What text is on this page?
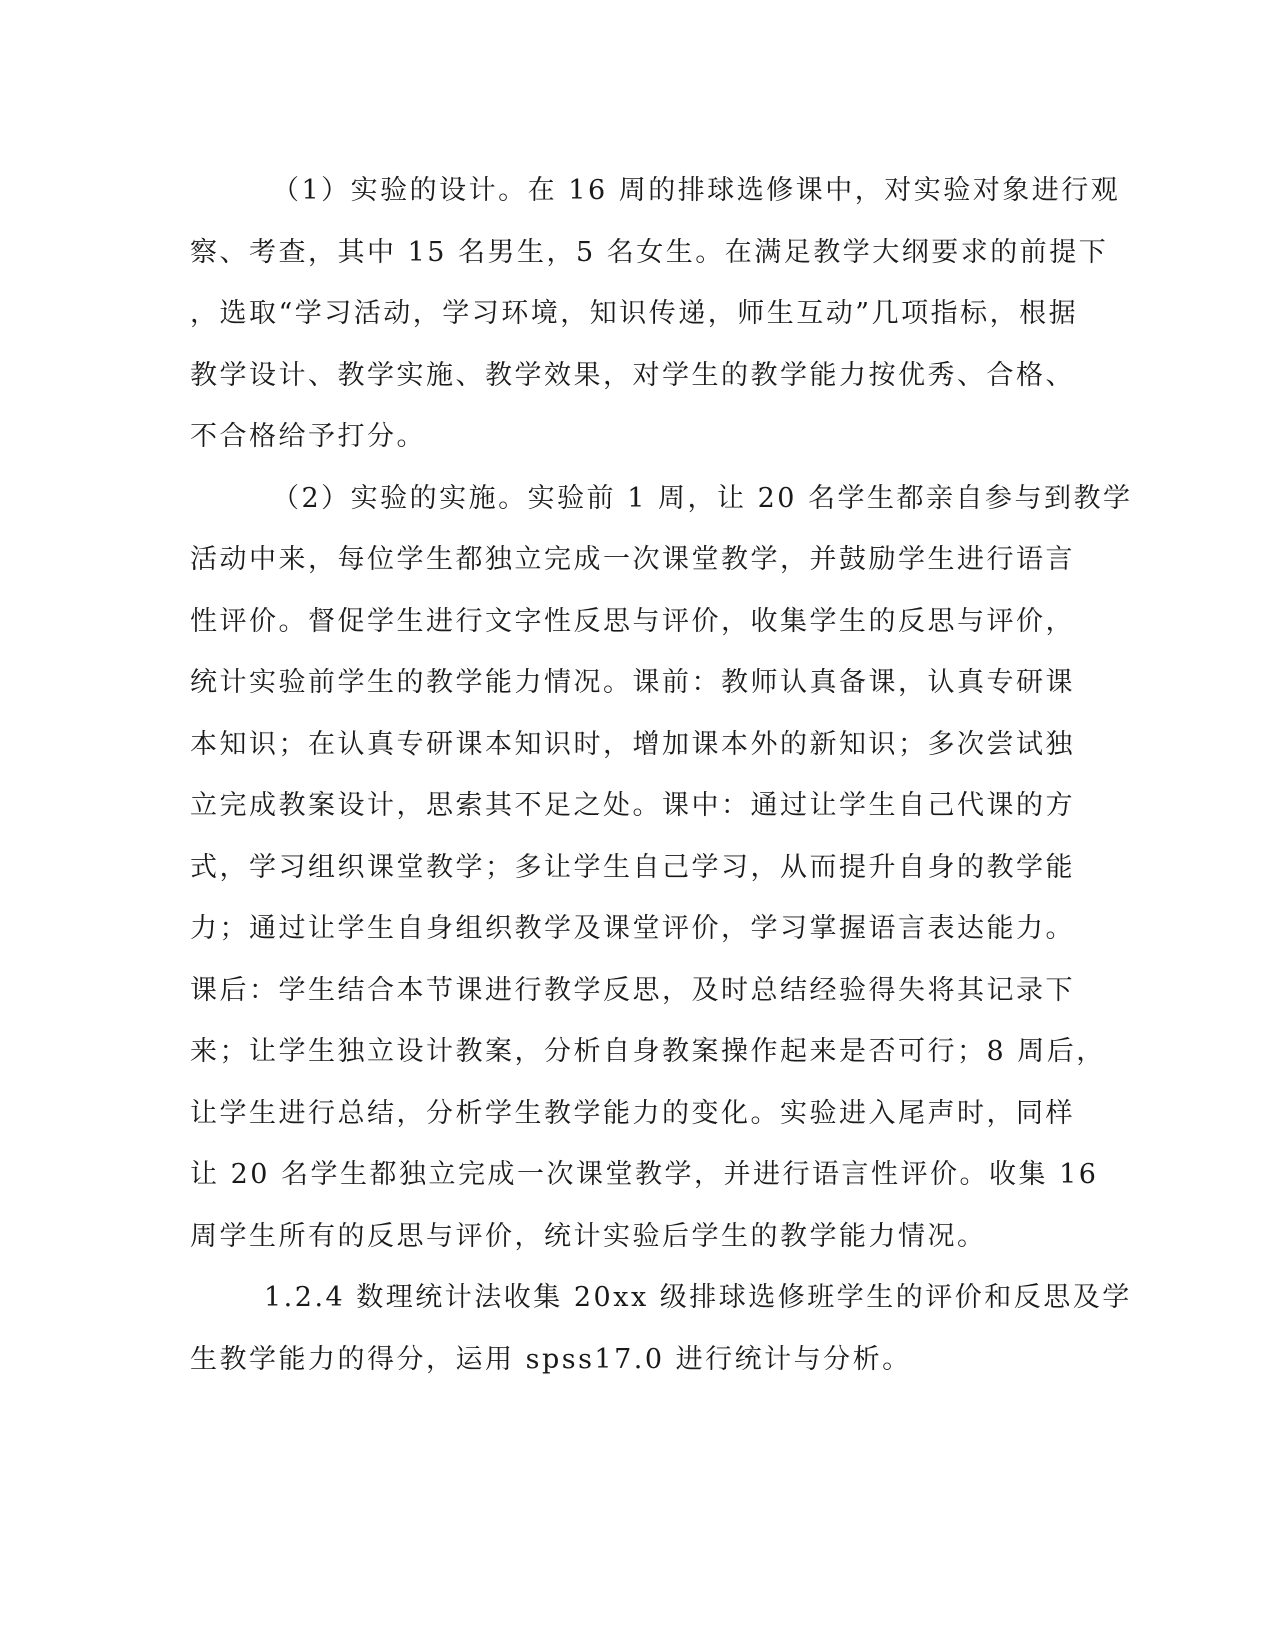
（1）实验的设计。在 16 周的排球选修课中，对实验对象进行观
察、考查，其中 15 名男生，5 名女生。在满足教学大纲要求的前提下
，选取“学习活动，学习环境，知识传递，师生互动”几项指标，根据
教学设计、教学实施、教学效果，对学生的教学能力按优秀、合格、
不合格给予打分。
（2）实验的实施。实验前 1 周，让 20 名学生都亲自参与到教学
活动中来，每位学生都独立完成一次课堂教学，并鼓励学生进行语言
性评价。督促学生进行文字性反思与评价，收集学生的反思与评价，
统计实验前学生的教学能力情况。课前：教师认真备课，认真专研课
本知识；在认真专研课本知识时，增加课本外的新知识；多次尝试独
立完成教案设计，思索其不足之处。课中：通过让学生自己代课的方
式，学习组织课堂教学；多让学生自己学习，从而提升自身的教学能
力；通过让学生自身组织教学及课堂评价，学习掌握语言表达能力。
课后：学生结合本节课进行教学反思，及时总结经验得失将其记录下
来；让学生独立设计教案，分析自身教案操作起来是否可行；8 周后，
让学生进行总结，分析学生教学能力的变化。实验进入尾声时，同样
让 20 名学生都独立完成一次课堂教学，并进行语言性评价。收集 16
周学生所有的反思与评价，统计实验后学生的教学能力情况。
1.2.4 数理统计法收集 20xx 级排球选修班学生的评价和反思及学
生教学能力的得分，运用 spss17.0 进行统计与分析。
